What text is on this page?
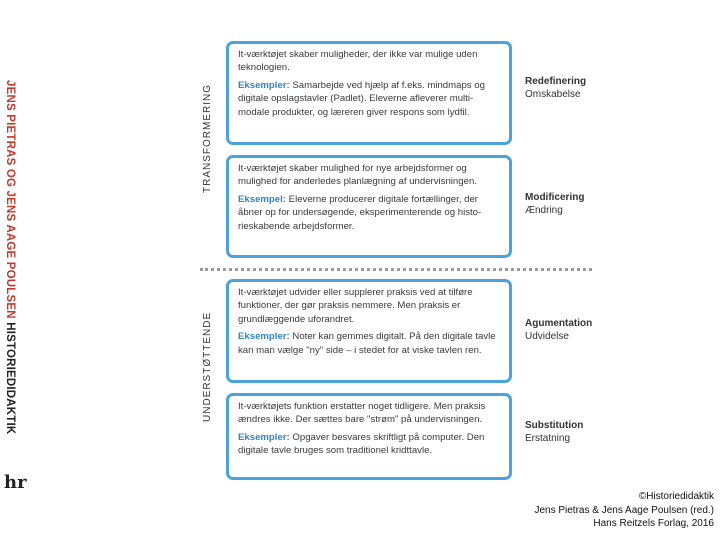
JENS PIETRAS OG JENS AAGE POULSEN HISTORIEDIDAKTIK
hr
TRANSFORMERING
UNDERSTØTTENDE

It-værktøjet skaber muligheder, der ikke var mulige uden teknologien.

Eksempler: Samarbejde ved hjælp af f.eks. mindmaps og digitale opslagstavler (Padlet). Eleverne afleverer multi-modale produkter, og læreren giver respons som lydfil.

Redefinering
Omskabelse

It-værktøjet skaber mulighed for nye arbejdsformer og mulighed for anderledes planlægning af undervisningen.

Eksempel: Eleverne producerer digitale fortællinger, der åbner op for undersøgende, eksperimenterende og histo-rieskabende arbejdsformer.

Modificering
Ændring

It-værktøjet udvider eller supplerer praksis ved at tilføre funktioner, der gør praksis nemmere. Men praksis er grundlæggende uforandret.

Eksempler: Noter kan gemmes digitalt. På den digitale tavle kan man vælge "ny" side – i stedet for at viske tavlen ren.

Agumentation
Udvidelse

It-værktøjets funktion erstatter noget tidligere. Men praksis ændres ikke. Der sættes bare "strøm" på undervisningen.

Eksempler: Opgaver besvares skriftligt på computer. Den digitale tavle bruges som traditionel kridttavle.

Substitution
Erstatning
©Historiedidaktik
Jens Pietras & Jens Aage Poulsen (red.)
Hans Reitzels Forlag, 2016
